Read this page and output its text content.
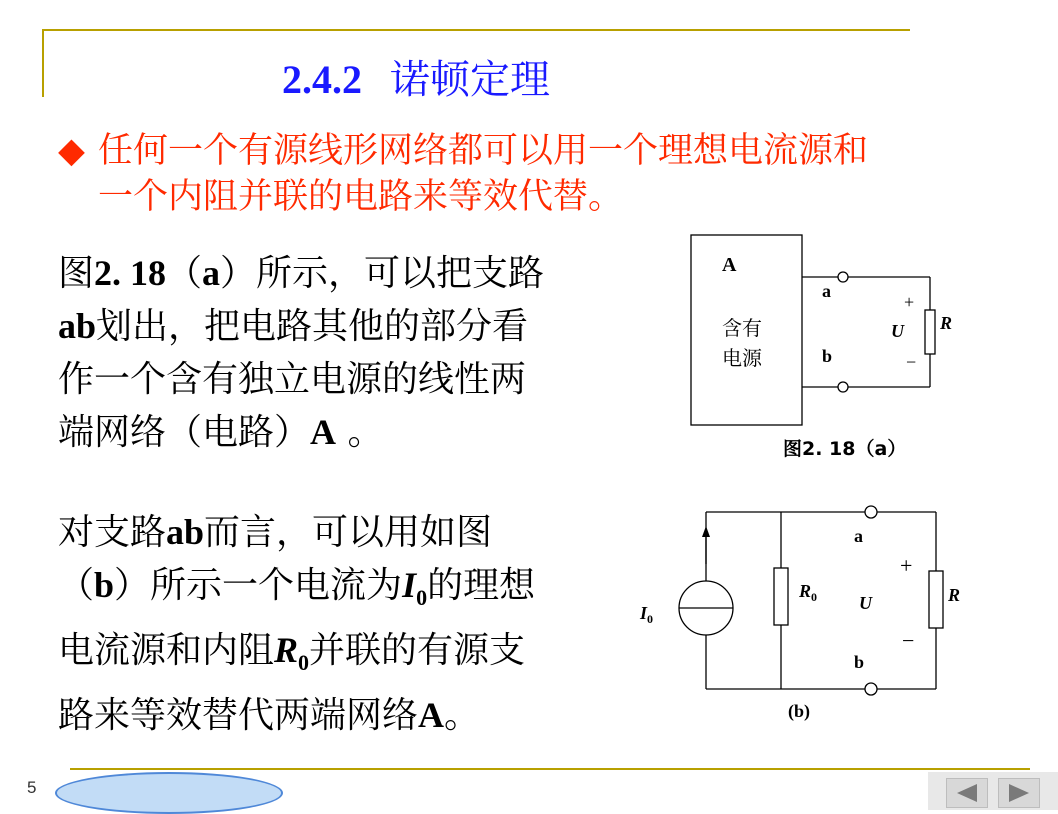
2.4.2 诺顿定理
◆ 任何一个有源线形网络都可以用一个理想电流源和
一个内阻并联的电路来等效代替。
图2. 18（a）所示，可以把支路
ab划出，把电路其他的部分看
作一个含有独立电源的线性两
端网络（电路）A 。
对支路ab而言，可以用如图
（b）所示一个电流为$I_0$的理想
电流源和内阻$R_0$并联的有源支
路来等效替代两端网络A。
A
含有
电源
a
b
+
−
U R
图2. 18（a）
$I_0$
$R_0$
a
b
+
−
U	R
(b)
5
